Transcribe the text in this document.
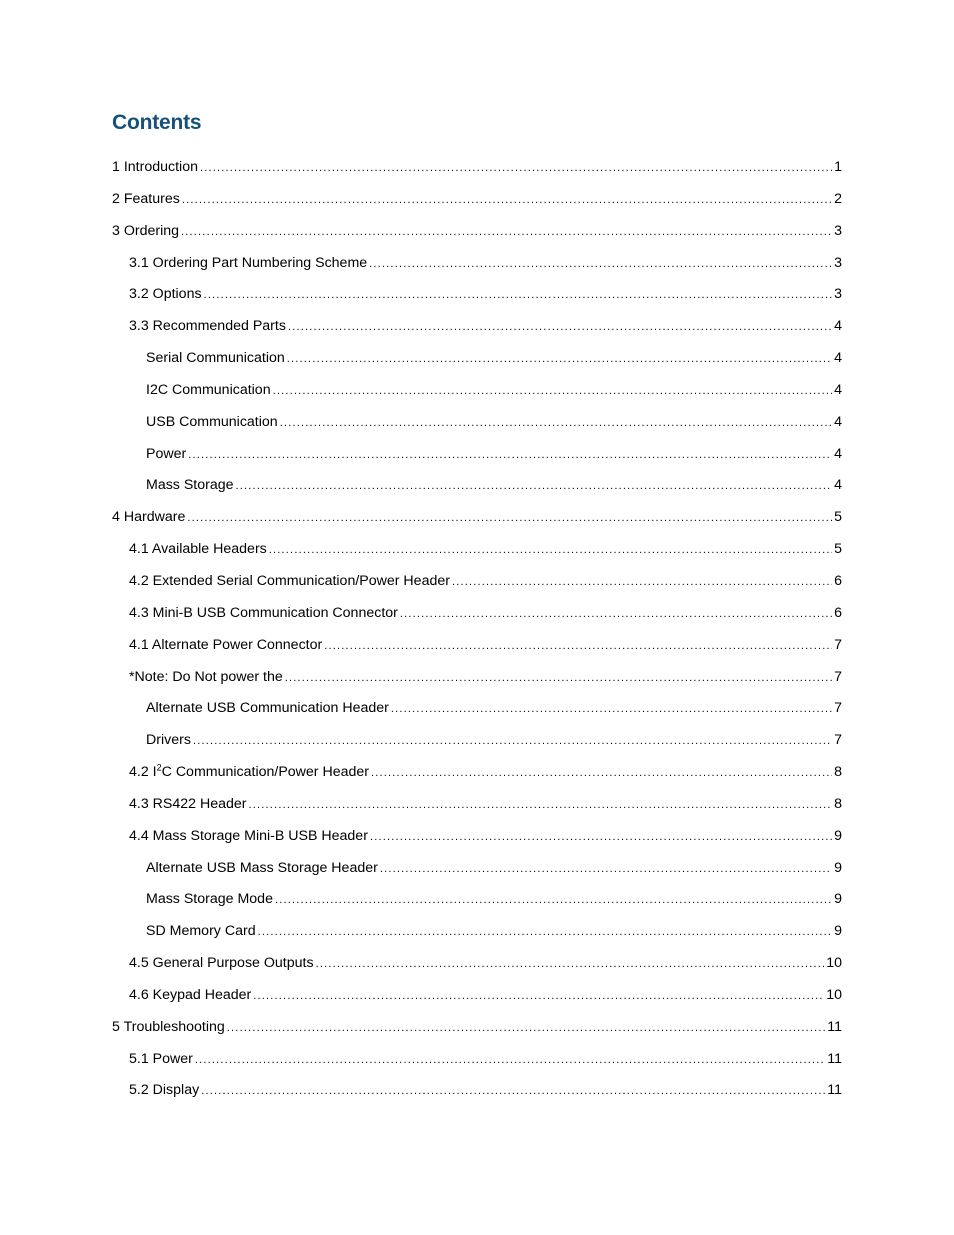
Contents
1 Introduction .....	1
2 Features .....	2
3 Ordering .....	3
3.1 Ordering Part Numbering Scheme .....	3
3.2 Options .....	3
3.3 Recommended Parts .....	4
Serial Communication .....	4
I2C Communication .....	4
USB Communication .....	4
Power .....	4
Mass Storage .....	4
4 Hardware .....	5
4.1 Available Headers .....	5
4.2 Extended Serial Communication/Power Header .....	6
4.3 Mini-B USB Communication Connector .....	6
4.1 Alternate Power Connector .....	7
*Note: Do Not power the .....	7
Alternate USB Communication Header .....	7
Drivers .....	7
4.2 $I^2C$ Communication/Power Header .....	8
4.3 RS422 Header .....	8
4.4 Mass Storage Mini-B USB Header .....	9
Alternate USB Mass Storage Header .....	9
Mass Storage Mode .....	9
SD Memory Card .....	9
4.5 General Purpose Outputs .....	10
4.6 Keypad Header .....	10
5 Troubleshooting .....	11
5.1 Power .....	11
5.2 Display .....	11
